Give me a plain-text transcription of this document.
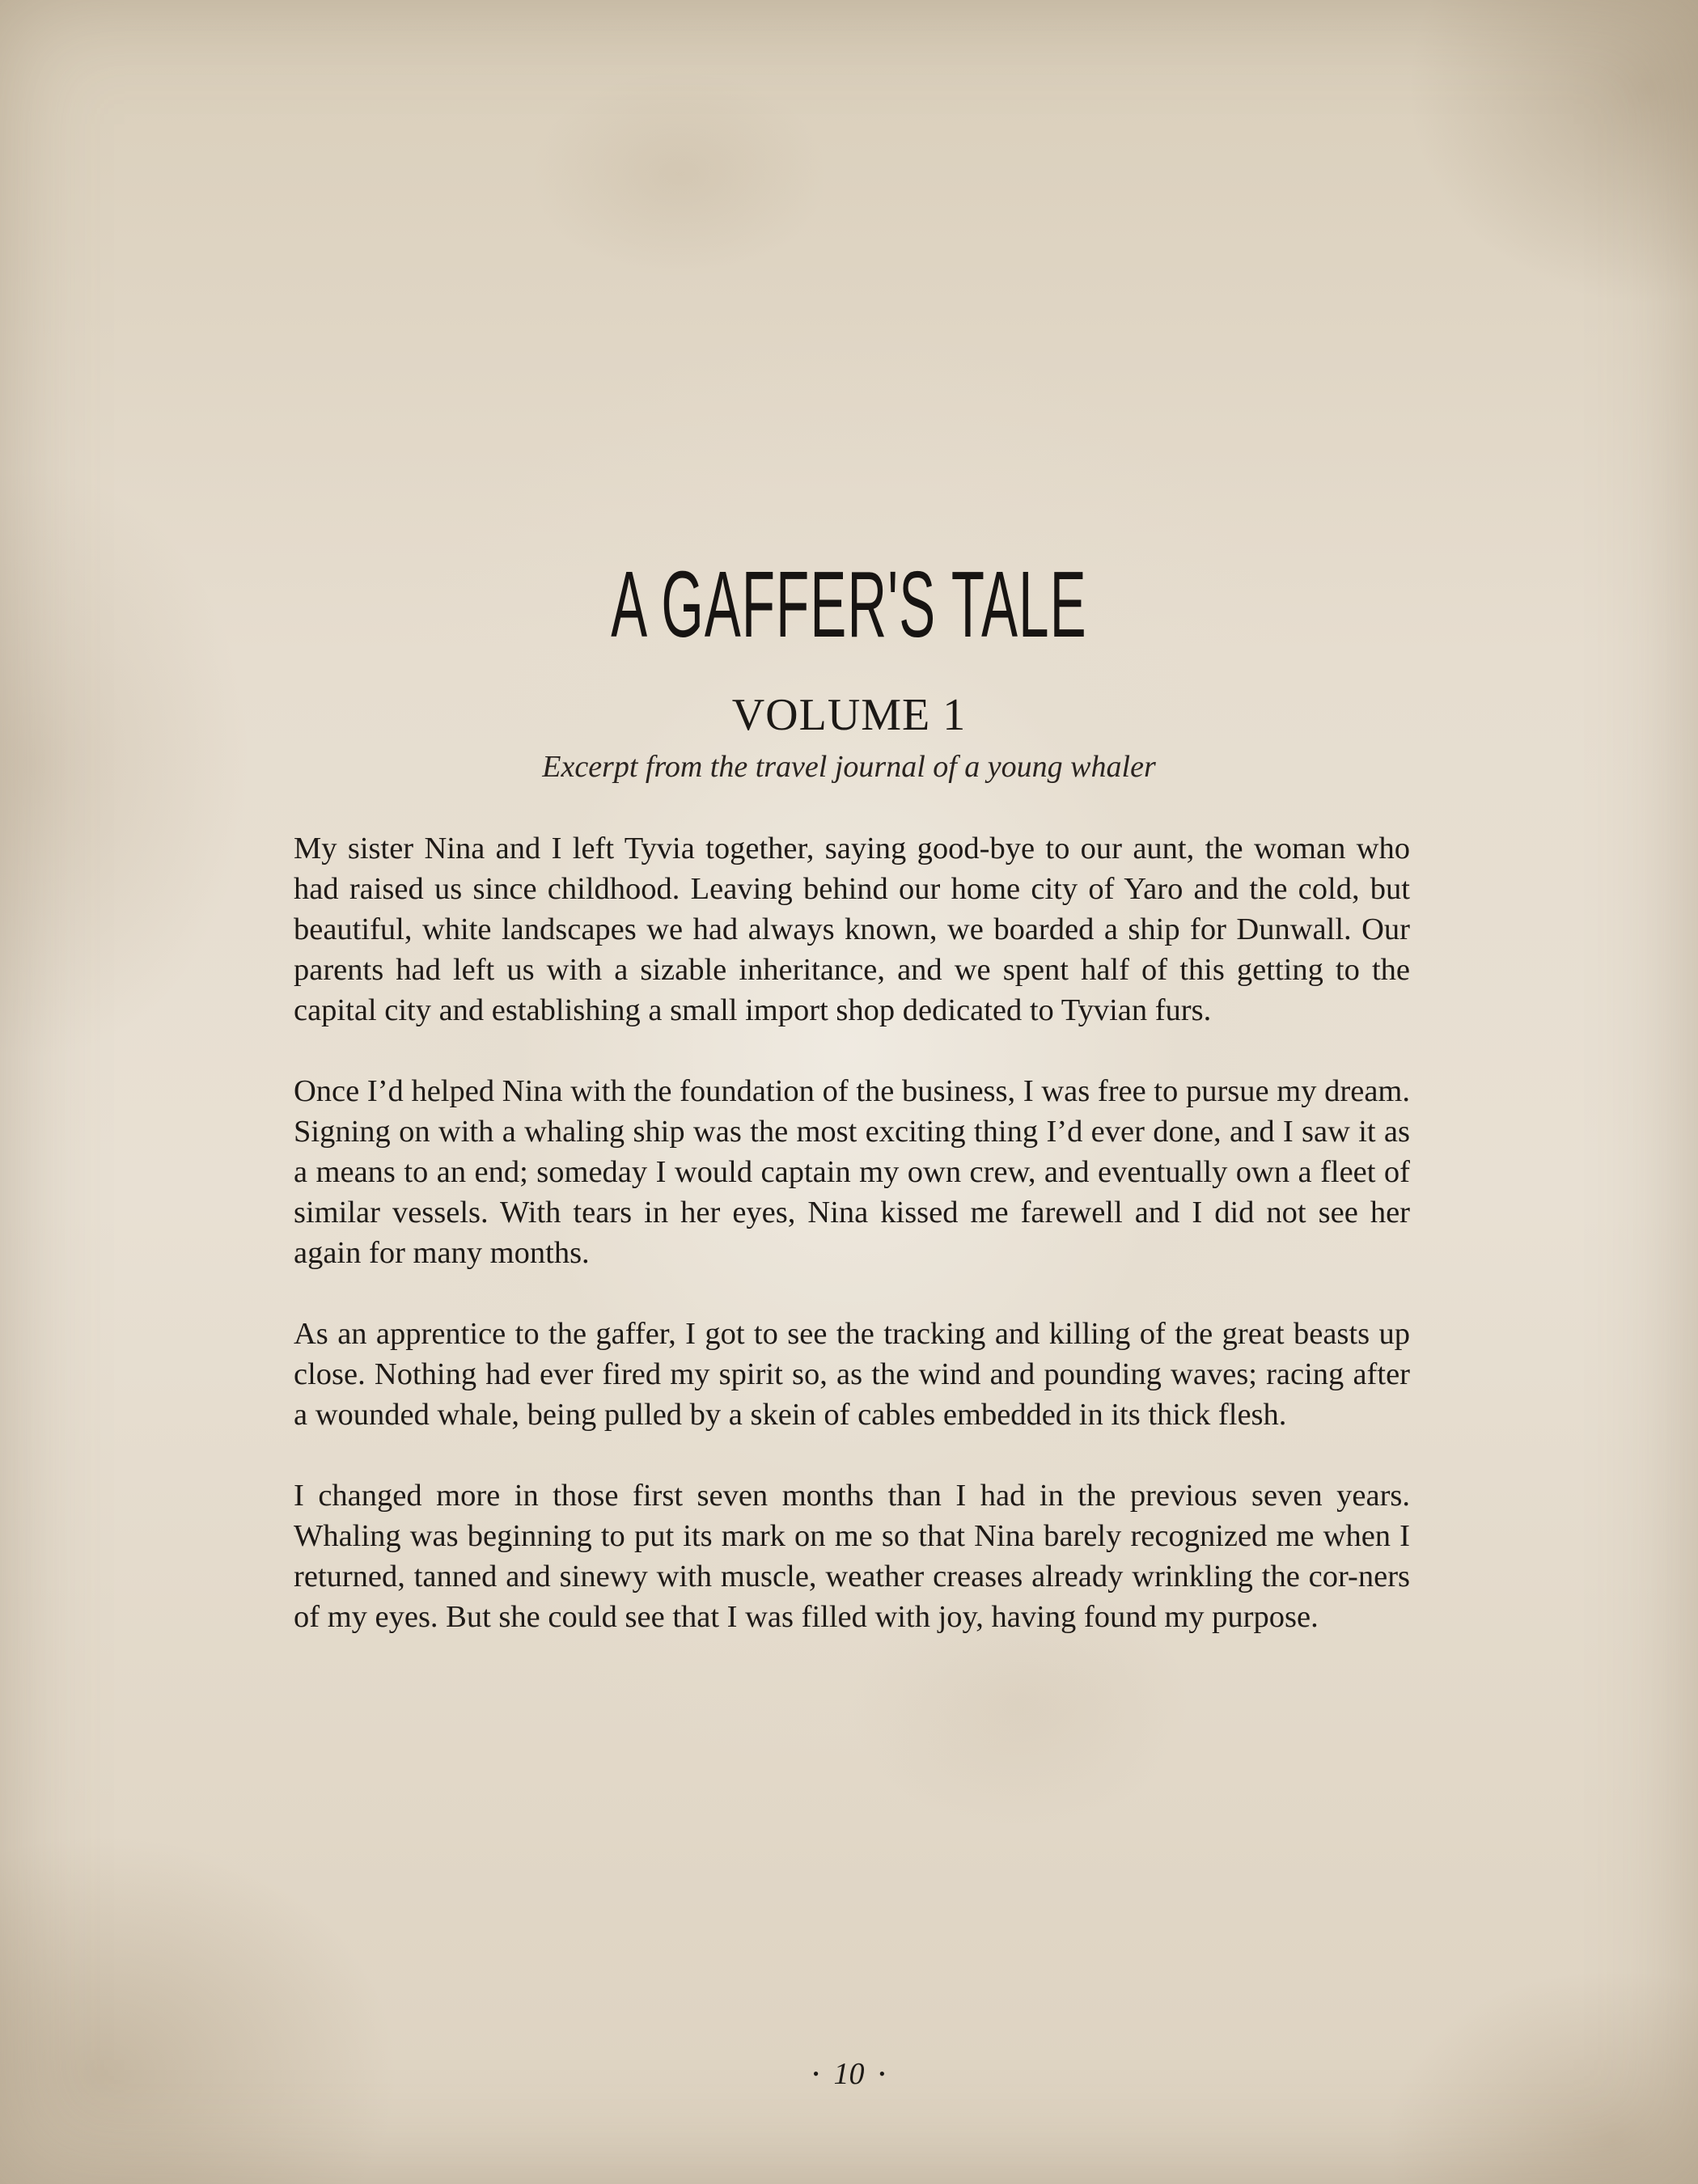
A GAFFER'S TALE
VOLUME 1
Excerpt from the travel journal of a young whaler

My sister Nina and I left Tyvia together, saying good-bye to our aunt, the woman who had raised us since childhood. Leaving behind our home city of Yaro and the cold, but beautiful, white landscapes we had always known, we boarded a ship for Dunwall. Our parents had left us with a sizable inheritance, and we spent half of this getting to the capital city and establishing a small import shop dedicated to Tyvian furs.

Once I’d helped Nina with the foundation of the business, I was free to pursue my dream. Signing on with a whaling ship was the most exciting thing I’d ever done, and I saw it as a means to an end; someday I would captain my own crew, and eventually own a fleet of similar vessels. With tears in her eyes, Nina kissed me farewell and I did not see her again for many months.

As an apprentice to the gaffer, I got to see the tracking and killing of the great beasts up close. Nothing had ever fired my spirit so, as the wind and pounding waves; racing after a wounded whale, being pulled by a skein of cables embedded in its thick flesh.

I changed more in those first seven months than I had in the previous seven years. Whaling was beginning to put its mark on me so that Nina barely recognized me when I returned, tanned and sinewy with muscle, weather creases already wrinkling the cor-ners of my eyes. But she could see that I was filled with joy, having found my purpose.

• 10 •
